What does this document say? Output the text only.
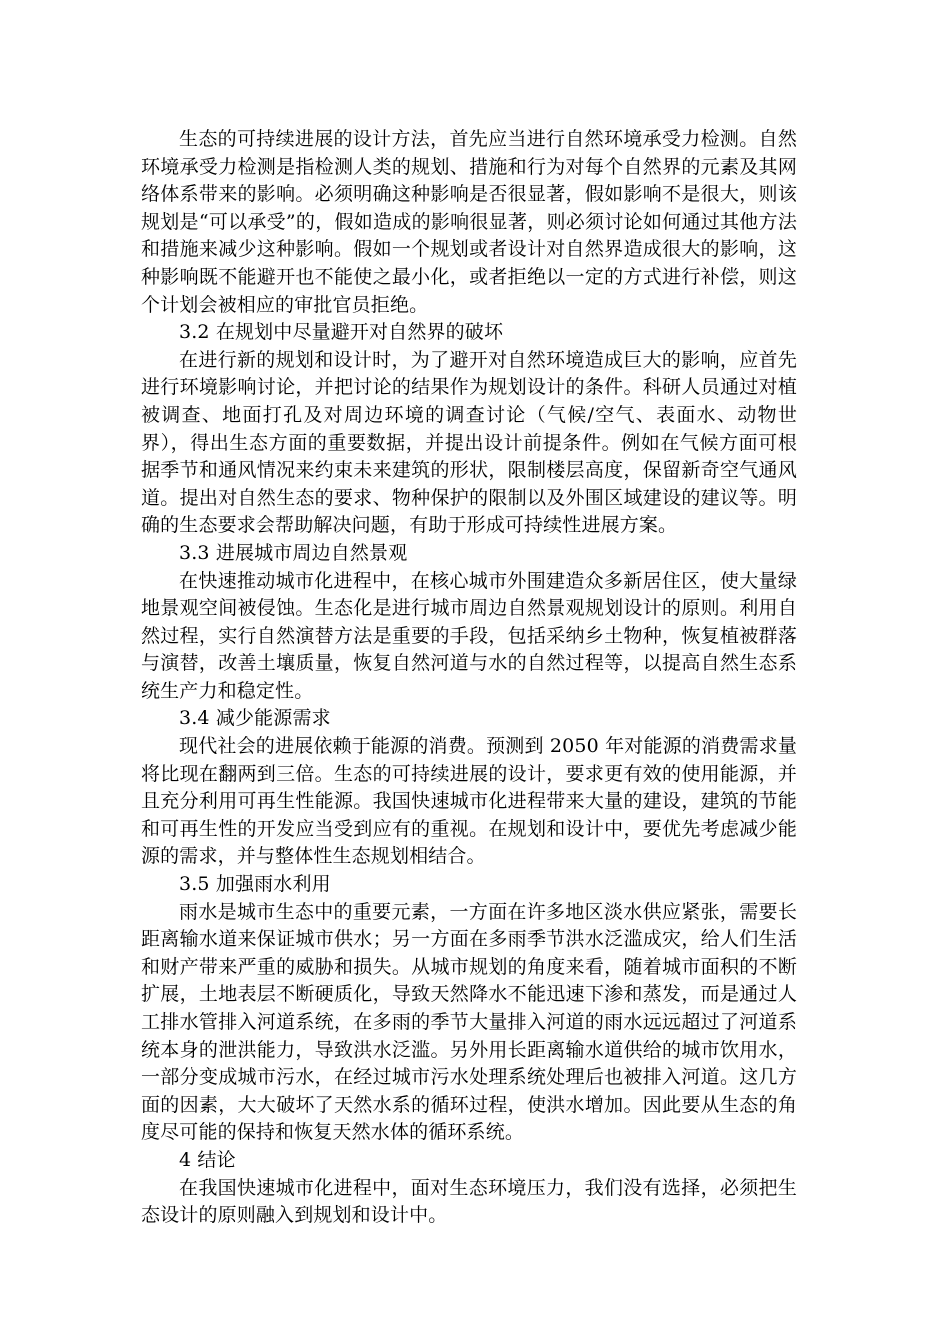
生态的可持续进展的设计方法，首先应当进行自然环境承受力检测。自然环境承受力检测是指检测人类的规划、措施和行为对每个自然界的元素及其网络体系带来的影响。必须明确这种影响是否很显著，假如影响不是很大，则该规划是“可以承受”的，假如造成的影响很显著，则必须讨论如何通过其他方法和措施来减少这种影响。假如一个规划或者设计对自然界造成很大的影响，这种影响既不能避开也不能使之最小化，或者拒绝以一定的方式进行补偿，则这个计划会被相应的审批官员拒绝。

3.2 在规划中尽量避开对自然界的破坏

在进行新的规划和设计时，为了避开对自然环境造成巨大的影响，应首先进行环境影响讨论，并把讨论的结果作为规划设计的条件。科研人员通过对植被调查、地面打孔及对周边环境的调查讨论（气候/空气、表面水、动物世界），得出生态方面的重要数据，并提出设计前提条件。例如在气候方面可根据季节和通风情况来约束未来建筑的形状，限制楼层高度，保留新奇空气通风道。提出对自然生态的要求、物种保护的限制以及外围区域建设的建议等。明确的生态要求会帮助解决问题，有助于形成可持续性进展方案。

3.3 进展城市周边自然景观

在快速推动城市化进程中，在核心城市外围建造众多新居住区，使大量绿地景观空间被侵蚀。生态化是进行城市周边自然景观规划设计的原则。利用自然过程，实行自然演替方法是重要的手段，包括采纳乡土物种，恢复植被群落与演替，改善土壤质量，恢复自然河道与水的自然过程等，以提高自然生态系统生产力和稳定性。

3.4 减少能源需求

现代社会的进展依赖于能源的消费。预测到 2050 年对能源的消费需求量将比现在翻两到三倍。生态的可持续进展的设计，要求更有效的使用能源，并且充分利用可再生性能源。我国快速城市化进程带来大量的建设，建筑的节能和可再生性的开发应当受到应有的重视。在规划和设计中，要优先考虑减少能源的需求，并与整体性生态规划相结合。

3.5 加强雨水利用

雨水是城市生态中的重要元素，一方面在许多地区淡水供应紧张，需要长距离输水道来保证城市供水；另一方面在多雨季节洪水泛滥成灾，给人们生活和财产带来严重的威胁和损失。从城市规划的角度来看，随着城市面积的不断扩展，土地表层不断硬质化，导致天然降水不能迅速下渗和蒸发，而是通过人工排水管排入河道系统，在多雨的季节大量排入河道的雨水远远超过了河道系统本身的泄洪能力，导致洪水泛滥。另外用长距离输水道供给的城市饮用水，一部分变成城市污水，在经过城市污水处理系统处理后也被排入河道。这几方面的因素，大大破坏了天然水系的循环过程，使洪水增加。因此要从生态的角度尽可能的保持和恢复天然水体的循环系统。

4 结论

在我国快速城市化进程中，面对生态环境压力，我们没有选择，必须把生态设计的原则融入到规划和设计中。
